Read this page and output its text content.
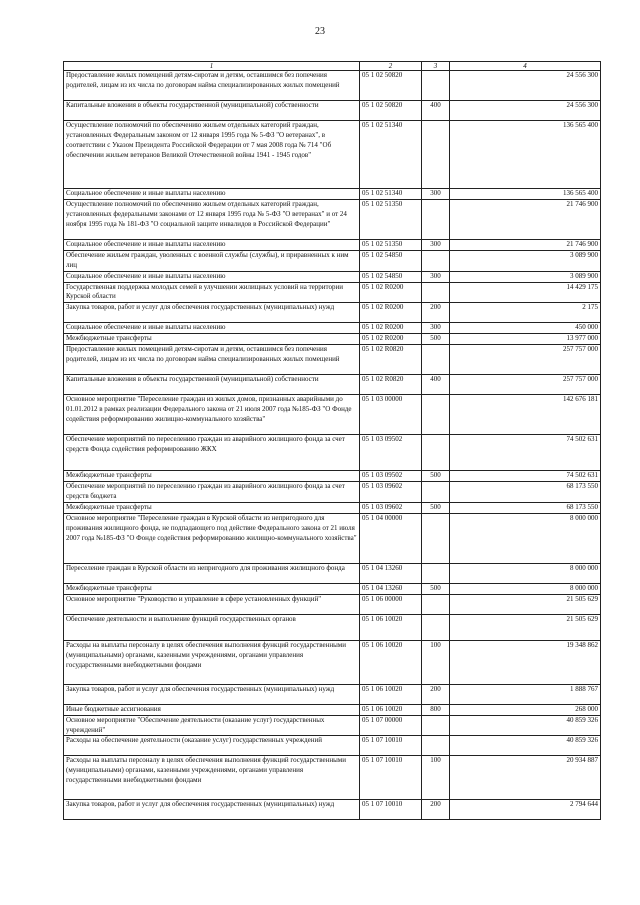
23
1	2	3	4
Предоставление жилых помещений детям-сиротам и детям, оставшимся без попечения родителей, лицам из их числа по договорам найма специализированных жилых помещений	05 1 02 50820		24 556 300
Капитальные вложения в объекты государственной (муниципальной) собственности	05 1 02 50820	400	24 556 300
Осуществление полномочий по обеспечению жильем отдельных категорий граждан, установленных Федеральным законом от 12 января 1995 года № 5-ФЗ "О ветеранах", в соответствии с Указом Президента Российской Федерации от 7 мая 2008 года № 714 "Об обеспечении жильем ветеранов Великой Отечественной войны 1941 - 1945 годов"	05 1 02 51340		136 565 400
Социальное обеспечение и иные выплаты населению	05 1 02 51340	300	136 565 400
Осуществление полномочий по обеспечению жильем отдельных категорий граждан, установленных федеральными законами от 12 января 1995 года № 5-ФЗ "О ветеранах" и от 24 ноября 1995 года № 181-ФЗ "О социальной защите инвалидов в Российской Федерации"	05 1 02 51350		21 746 900
Социальное обеспечение и иные выплаты населению	05 1 02 51350	300	21 746 900
Обеспечение жильем граждан, уволенных с военной службы (службы), и приравненных к ним лиц	05 1 02 54850		3 089 900
Социальное обеспечение и иные выплаты населению	05 1 02 54850	300	3 089 900
Государственная поддержка молодых семей в улучшении жилищных условий на территории Курской области	05 1 02 R0200		14 429 175
Закупка товаров, работ и услуг для обеспечения государственных (муниципальных) нужд	05 1 02 R0200	200	2 175
Социальное обеспечение и иные выплаты населению	05 1 02 R0200	300	450 000
Межбюджетные трансферты	05 1 02 R0200	500	13 977 000
Предоставление жилых помещений детям-сиротам и детям, оставшимся без попечения родителей, лицам из их числа по договорам найма специализированных жилых помещений	05 1 02 R0820		257 757 000
Капитальные вложения в объекты государственной (муниципальной) собственности	05 1 02 R0820	400	257 757 000
Основное мероприятие "Переселение граждан из жилых домов, признанных аварийными до 01.01.2012 в рамках реализации Федерального закона от 21 июля 2007 года №185-ФЗ "О Фонде содействия реформированию жилищно-коммунального хозяйства"	05 1 03 00000		142 676 181
Обеспечение мероприятий по переселению граждан из аварийного жилищного фонда за счет средств Фонда содействия реформированию ЖКХ	05 1 03 09502		74 502 631
Межбюджетные трансферты	05 1 03 09502	500	74 502 631
Обеспечение мероприятий по переселению граждан из аварийного жилищного фонда за счет средств бюджета	05 1 03 09602		68 173 550
Межбюджетные трансферты	05 1 03 09602	500	68 173 550
Основное мероприятие "Переселение граждан в Курской области из непригодного для проживания жилищного фонда, не подпадающего под действие Федерального закона от 21 июля 2007 года №185-ФЗ "О Фонде содействия реформированию жилищно-коммунального хозяйства"	05 1 04 00000		8 000 000
Переселение граждан в Курской области из непригодного для проживания жилищного фонда	05 1 04 13260		8 000 000
Межбюджетные трансферты	05 1 04 13260	500	8 000 000
Основное мероприятие "Руководство и управление в сфере установленных функций"	05 1 06 00000		21 505 629
Обеспечение деятельности и выполнение функций государственных органов	05 1 06 10020		21 505 629
Расходы на выплаты персоналу в целях обеспечения выполнения функций государственными (муниципальными) органами, казенными учреждениями, органами управления государственными внебюджетными фондами	05 1 06 10020	100	19 348 862
Закупка товаров, работ и услуг для обеспечения государственных (муниципальных) нужд	05 1 06 10020	200	1 888 767
Иные бюджетные ассигнования	05 1 06 10020	800	268 000
Основное мероприятие "Обеспечение деятельности (оказание услуг) государственных учреждений"	05 1 07 00000		40 859 326
Расходы на обеспечение деятельности (оказание услуг) государственных учреждений	05 1 07 10010		40 859 326
Расходы на выплаты персоналу в целях обеспечения выполнения функций государственными (муниципальными) органами, казенными учреждениями, органами управления государственными внебюджетными фондами	05 1 07 10010	100	20 934 887
Закупка товаров, работ и услуг для обеспечения государственных (муниципальных) нужд	05 1 07 10010	200	2 794 644
